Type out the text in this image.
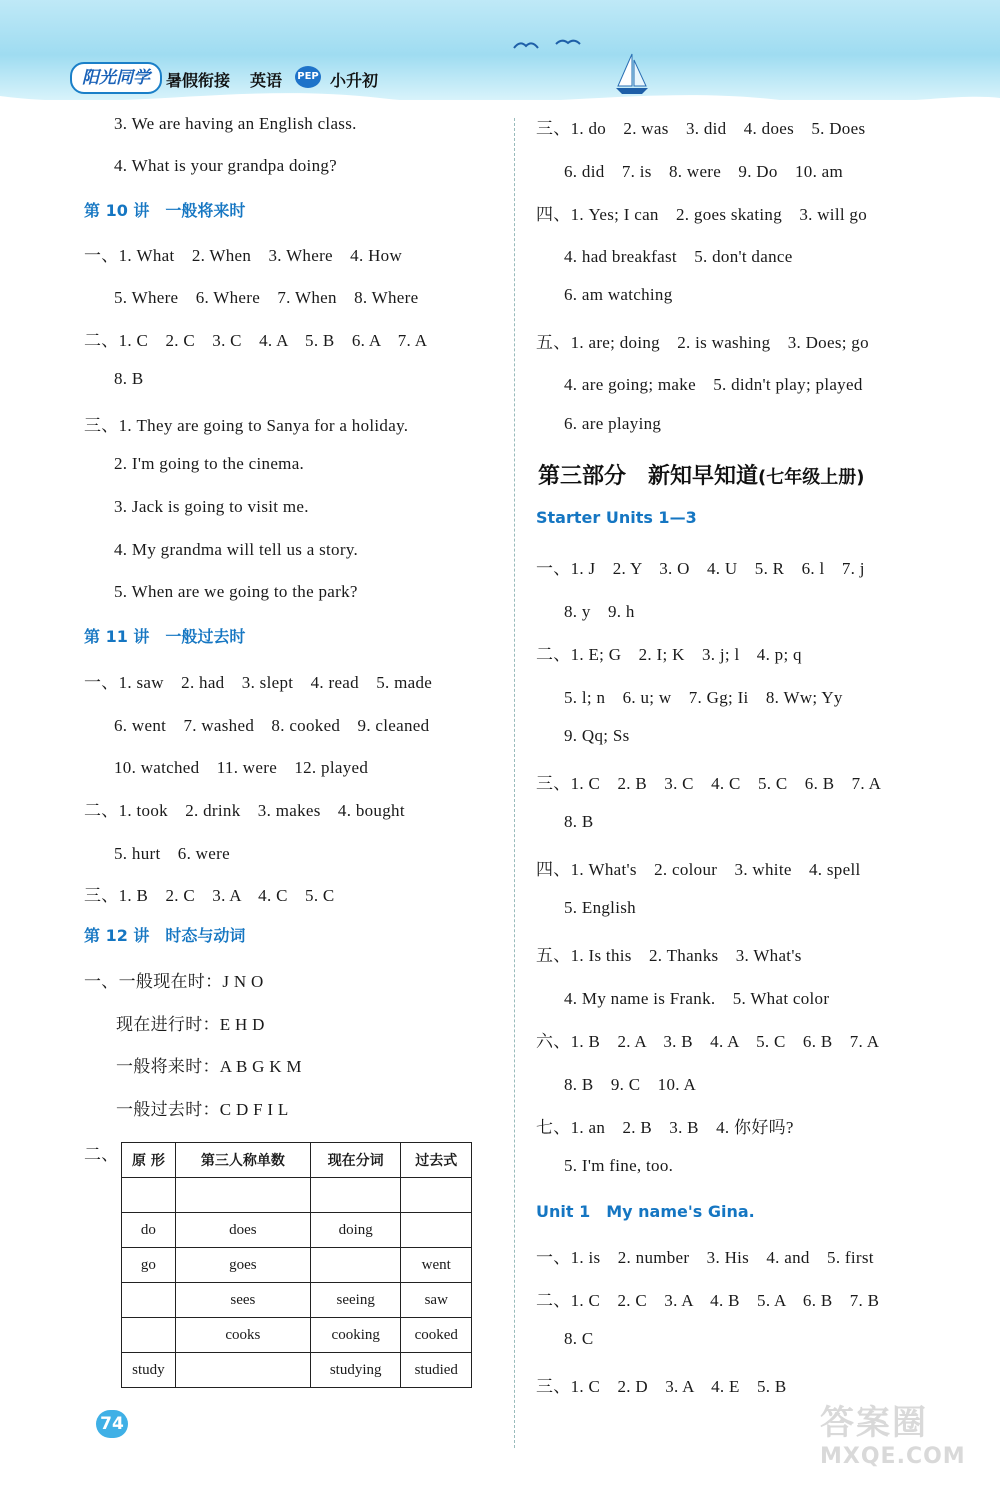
阳光同学	暑假衔接 英语 PEP 小升初
3. We are having an English class.
4. What is your grandpa doing?
第 10 讲　一般将来时
一、1. What　2. When　3. Where　4. How
5. Where　6. Where　7. When　8. Where
二、1. C　2. C　3. C　4. A　5. B　6. A　7. A
8. B
三、1. They are going to Sanya for a holiday.
2. I'm going to the cinema.
3. Jack is going to visit me.
4. My grandma will tell us a story.
5. When are we going to the park?
第 11 讲　一般过去时
一、1. saw　2. had　3. slept　4. read　5. made
6. went　7. washed　8. cooked　9. cleaned
10. watched　11. were　12. played
二、1. took　2. drink　3. makes　4. bought
5. hurt　6. were
三、1. B　2. C　3. A　4. C　5. C
第 12 讲　时态与动词
一、一般现在时：J N O
现在进行时：E H D
一般将来时：A B G K M
一般过去时：C D F I L
二、 原 形	第三人称单数	现在分词	过去式

do	does	doing	
go	goes		went
	sees	seeing	saw
	cooks	cooking	cooked
study		studying	studied
74
三、1. do　2. was　3. did　4. does　5. Does
6. did　7. is　8. were　9. Do　10. am
四、1. Yes; I can　2. goes skating　3. will go
4. had breakfast　5. don't dance
6. am watching
五、1. are; doing　2. is washing　3. Does; go
4. are going; make　5. didn't play; played
6. are playing
第三部分　新知早知道(七年级上册)
Starter Units 1—3
一、1. J　2. Y　3. O　4. U　5. R　6. l　7. j
8. y　9. h
二、1. E; G　2. I; K　3. j; l　4. p; q
5. l; n　6. u; w　7. Gg; Ii　8. Ww; Yy
9. Qq; Ss
三、1. C　2. B　3. C　4. C　5. C　6. B　7. A
8. B
四、1. What's　2. colour　3. white　4. spell
5. English
五、1. Is this　2. Thanks　3. What's
4. My name is Frank.　5. What color
六、1. B　2. A　3. B　4. A　5. C　6. B　7. A
8. B　9. C　10. A
七、1. an　2. B　3. B　4. 你好吗?
5. I'm fine, too.
Unit 1　My name's Gina.
一、1. is　2. number　3. His　4. and　5. first
二、1. C　2. C　3. A　4. B　5. A　6. B　7. B
8. C
三、1. C　2. D　3. A　4. E　5. B
答案圈
MXQE.COM
